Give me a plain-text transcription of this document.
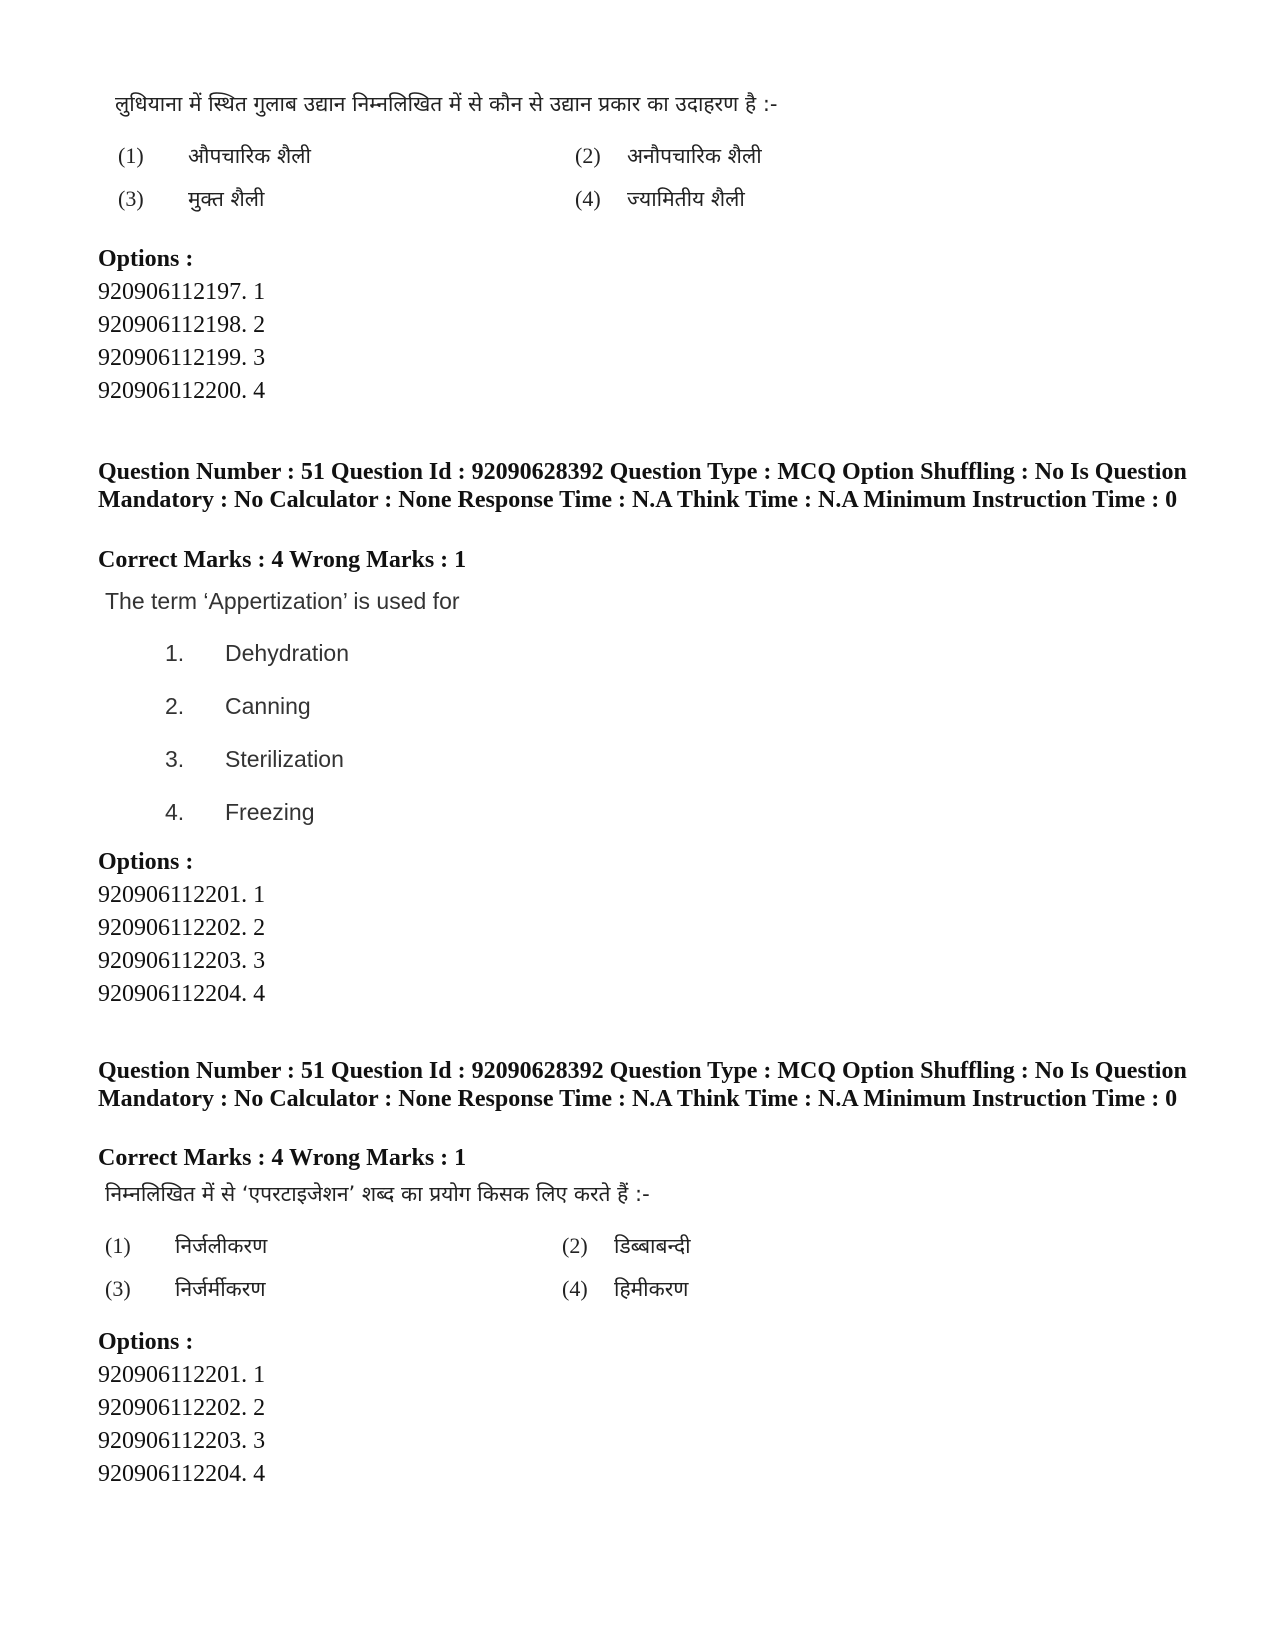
लुधियाना में स्थित गुलाब उद्यान निम्नलिखित में से कौन से उद्यान प्रकार का उदाहरण है :-
(1) औपचारिक शैली	(2) अनौपचारिक शैली
(3) मुक्त शैली	(4) ज्यामितीय शैली
Options :
920906112197. 1
920906112198. 2
920906112199. 3
920906112200. 4
Question Number : 51 Question Id : 92090628392 Question Type : MCQ Option Shuffling : No Is Question Mandatory : No Calculator : None Response Time : N.A Think Time : N.A Minimum Instruction Time : 0
Correct Marks : 4 Wrong Marks : 1
The term ‘Appertization’ is used for
1.	Dehydration
2.	Canning
3.	Sterilization
4.	Freezing
Options :
920906112201. 1
920906112202. 2
920906112203. 3
920906112204. 4
Question Number : 51 Question Id : 92090628392 Question Type : MCQ Option Shuffling : No Is Question Mandatory : No Calculator : None Response Time : N.A Think Time : N.A Minimum Instruction Time : 0
Correct Marks : 4 Wrong Marks : 1
निम्नलिखित में से ‘एपरटाइजेशन’ शब्द का प्रयोग किसक लिए करते हैं :-
(1) निर्जलीकरण	(2) डिब्बाबन्दी
(3) निर्जर्मीकरण	(4) हिमीकरण
Options :
920906112201. 1
920906112202. 2
920906112203. 3
920906112204. 4
